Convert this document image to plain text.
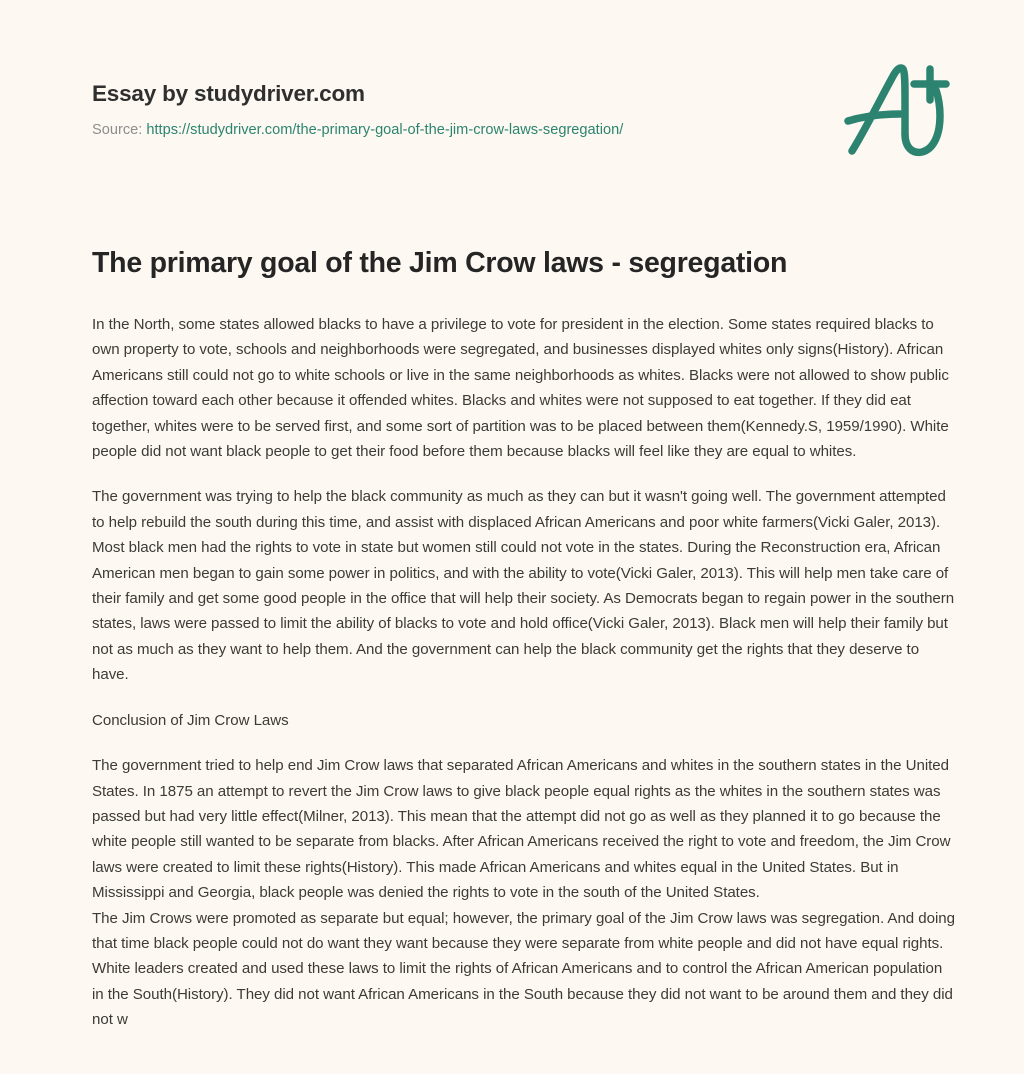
Essay by studydriver.com
Source: https://studydriver.com/the-primary-goal-of-the-jim-crow-laws-segregation/
The primary goal of the Jim Crow laws - segregation

In the North, some states allowed blacks to have a privilege to vote for president in the election. Some states required blacks to own property to vote, schools and neighborhoods were segregated, and businesses displayed whites only signs(History). African Americans still could not go to white schools or live in the same neighborhoods as whites. Blacks were not allowed to show public affection toward each other because it offended whites. Blacks and whites were not supposed to eat together. If they did eat together, whites were to be served first, and some sort of partition was to be placed between them(Kennedy.S, 1959/1990). White people did not want black people to get their food before them because blacks will feel like they are equal to whites.

The government was trying to help the black community as much as they can but it wasn't going well. The government attempted to help rebuild the south during this time, and assist with displaced African Americans and poor white farmers(Vicki Galer, 2013). Most black men had the rights to vote in state but women still could not vote in the states. During the Reconstruction era, African American men began to gain some power in politics, and with the ability to vote(Vicki Galer, 2013). This will help men take care of their family and get some good people in the office that will help their society. As Democrats began to regain power in the southern states, laws were passed to limit the ability of blacks to vote and hold office(Vicki Galer, 2013). Black men will help their family but not as much as they want to help them. And the government can help the black community get the rights that they deserve to have.

Conclusion of Jim Crow Laws

The government tried to help end Jim Crow laws that separated African Americans and whites in the southern states in the United States. In 1875 an attempt to revert the Jim Crow laws to give black people equal rights as the whites in the southern states was passed but had very little effect(Milner, 2013). This mean that the attempt did not go as well as they planned it to go because the white people still wanted to be separate from blacks. After African Americans received the right to vote and freedom, the Jim Crow laws were created to limit these rights(History). This made African Americans and whites equal in the United States. But in Mississippi and Georgia, black people was denied the rights to vote in the south of the United States.

The Jim Crows were promoted as separate but equal; however, the primary goal of the Jim Crow laws was segregation. And doing that time black people could not do want they want because they were separate from white people and did not have equal rights. White leaders created and used these laws to limit the rights of African Americans and to control the African American population in the South(History). They did not want African Americans in the South because they did not want to be around them and they did not w
